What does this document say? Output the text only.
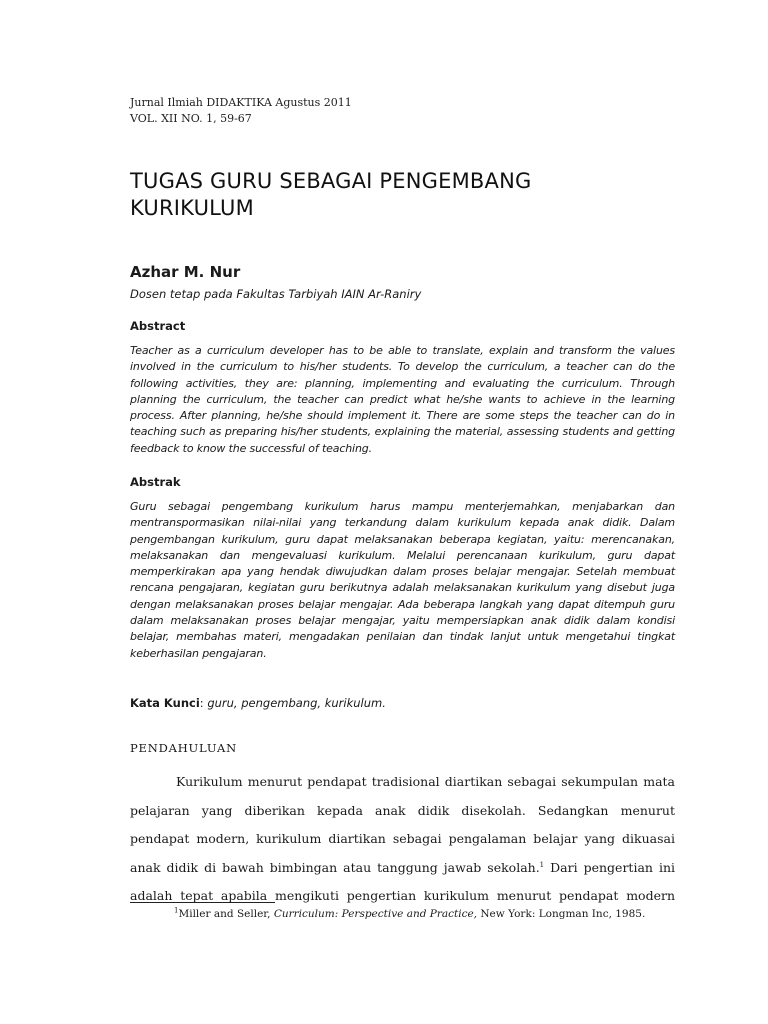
Jurnal Ilmiah DIDAKTIKA Agustus 2011
VOL. XII NO. 1, 59-67
TUGAS GURU SEBAGAI PENGEMBANG
KURIKULUM
Azhar M. Nur
Dosen tetap pada Fakultas Tarbiyah IAIN Ar-Raniry
Abstract
Teacher as a curriculum developer has to be able to translate, explain and transform the values involved in the curriculum to his/her students. To develop the curriculum, a teacher can do the following activities, they are: planning, implementing and evaluating the curriculum. Through planning the curriculum, the teacher can predict what he/she wants to achieve in the learning process. After planning, he/she should implement it. There are some steps the teacher can do in teaching such as preparing his/her students, explaining the material, assessing students and getting feedback to know the successful of teaching.
Abstrak
Guru sebagai pengembang kurikulum harus mampu menterjemahkan, menjabarkan dan mentranspormasikan nilai-nilai yang terkandung dalam kurikulum kepada anak didik. Dalam pengembangan kurikulum, guru dapat melaksanakan beberapa kegiatan, yaitu: merencanakan, melaksanakan dan mengevaluasi kurikulum. Melalui perencanaan kurikulum, guru dapat memperkirakan apa yang hendak diwujudkan dalam proses belajar mengajar. Setelah membuat rencana pengajaran, kegiatan guru berikutnya adalah melaksanakan kurikulum yang disebut juga dengan melaksanakan proses belajar mengajar. Ada beberapa langkah yang dapat ditempuh guru dalam melaksanakan proses belajar mengajar, yaitu mempersiapkan anak didik dalam kondisi belajar, membahas materi, mengadakan penilaian dan tindak lanjut untuk mengetahui tingkat keberhasilan pengajaran.
Kata Kunci: guru, pengembang, kurikulum.
PENDAHULUAN

Kurikulum menurut pendapat tradisional diartikan sebagai sekumpulan mata pelajaran yang diberikan kepada anak didik disekolah. Sedangkan menurut pendapat modern, kurikulum diartikan sebagai pengalaman belajar yang dikuasai anak didik di bawah bimbingan atau tanggung jawab sekolah.$^1$ Dari pengertian ini adalah tepat apabila mengikuti pengertian kurikulum menurut pendapat modern

$^1$Miller and Seller, Curriculum: Perspective and Practice, New York: Longman Inc, 1985.
